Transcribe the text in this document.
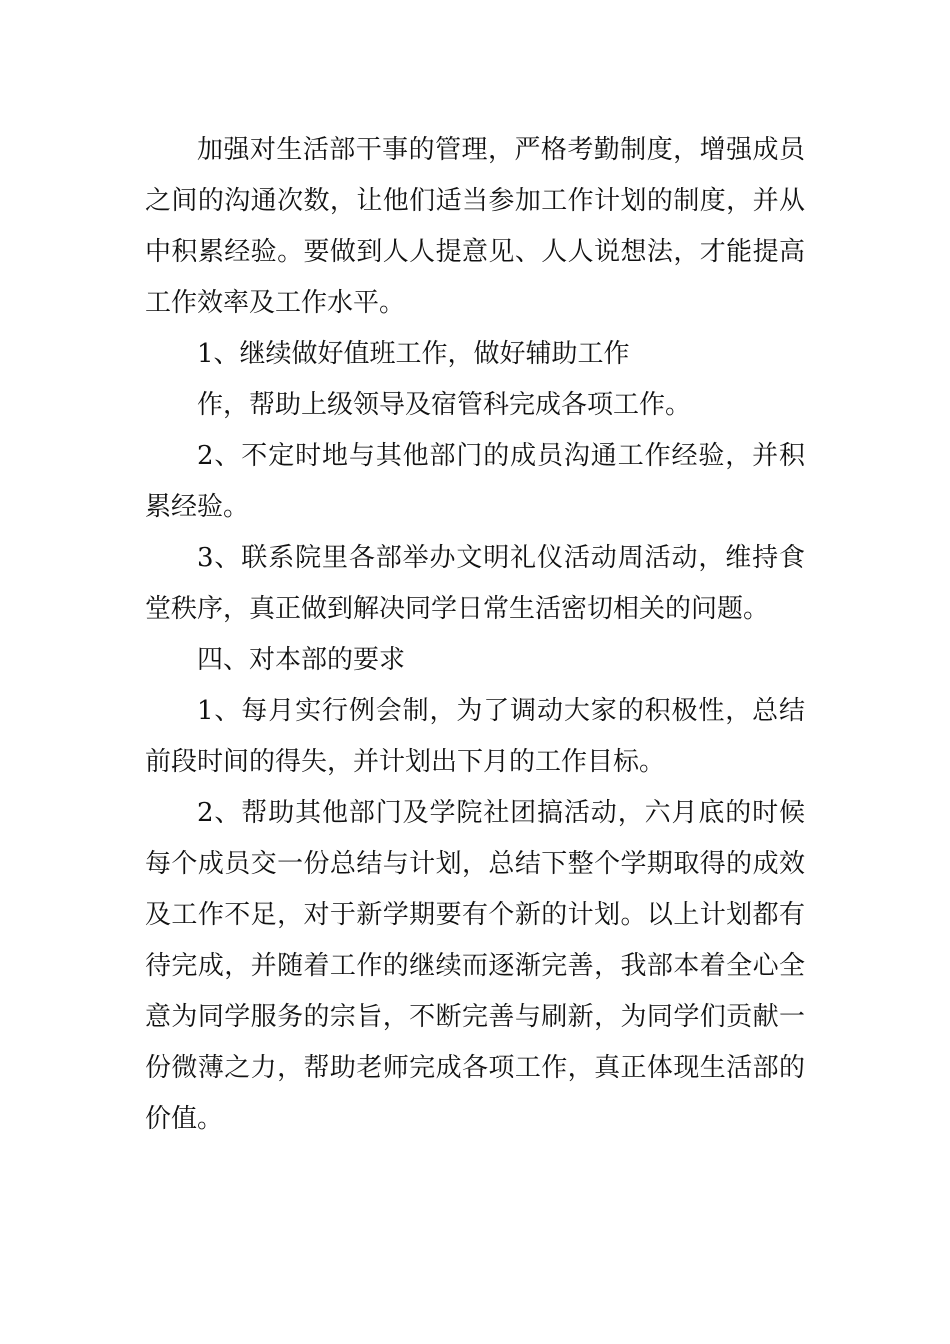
加强对生活部干事的管理，严格考勤制度，增强成员之间的沟通次数，让他们适当参加工作计划的制度，并从中积累经验。要做到人人提意见、人人说想法，才能提高工作效率及工作水平。

1、继续做好值班工作，做好辅助工作

作，帮助上级领导及宿管科完成各项工作。

2、不定时地与其他部门的成员沟通工作经验，并积累经验。

3、联系院里各部举办文明礼仪活动周活动，维持食堂秩序，真正做到解决同学日常生活密切相关的问题。

四、对本部的要求

1、每月实行例会制，为了调动大家的积极性，总结前段时间的得失，并计划出下月的工作目标。

2、帮助其他部门及学院社团搞活动，六月底的时候每个成员交一份总结与计划，总结下整个学期取得的成效及工作不足，对于新学期要有个新的计划。以上计划都有待完成，并随着工作的继续而逐渐完善，我部本着全心全意为同学服务的宗旨，不断完善与刷新，为同学们贡献一份微薄之力，帮助老师完成各项工作，真正体现生活部的价值。
